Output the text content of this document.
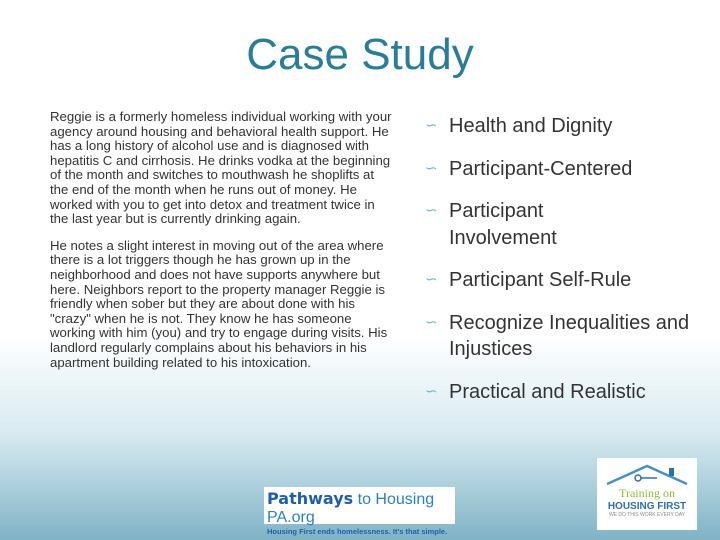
Case Study

Reggie is a formerly homeless individual working with your agency around housing and behavioral health support. He has a long history of alcohol use and is diagnosed with hepatitis C and cirrhosis. He drinks vodka at the beginning of the month and switches to mouthwash he shoplifts at the end of the month when he runs out of money. He worked with you to get into detox and treatment twice in the last year but is currently drinking again.

He notes a slight interest in moving out of the area where there is a lot triggers though he has grown up in the neighborhood and does not have supports anywhere but here. Neighbors report to the property manager Reggie is friendly when sober but they are about done with his "crazy" when he is not. They know he has someone working with him (you) and try to engage during visits. His landlord regularly complains about his behaviors in his apartment building related to his intoxication.

∽ Health and Dignity
∽ Participant-Centered
∽ Participant Involvement
∽ Participant Self-Rule
∽ Recognize Inequalities and Injustices
∽ Practical and Realistic
Pathways to Housing PA.org
Housing First ends homelessness. It's that simple.
Training on
HOUSING FIRST
WE DO THIS WORK EVERY DAY
